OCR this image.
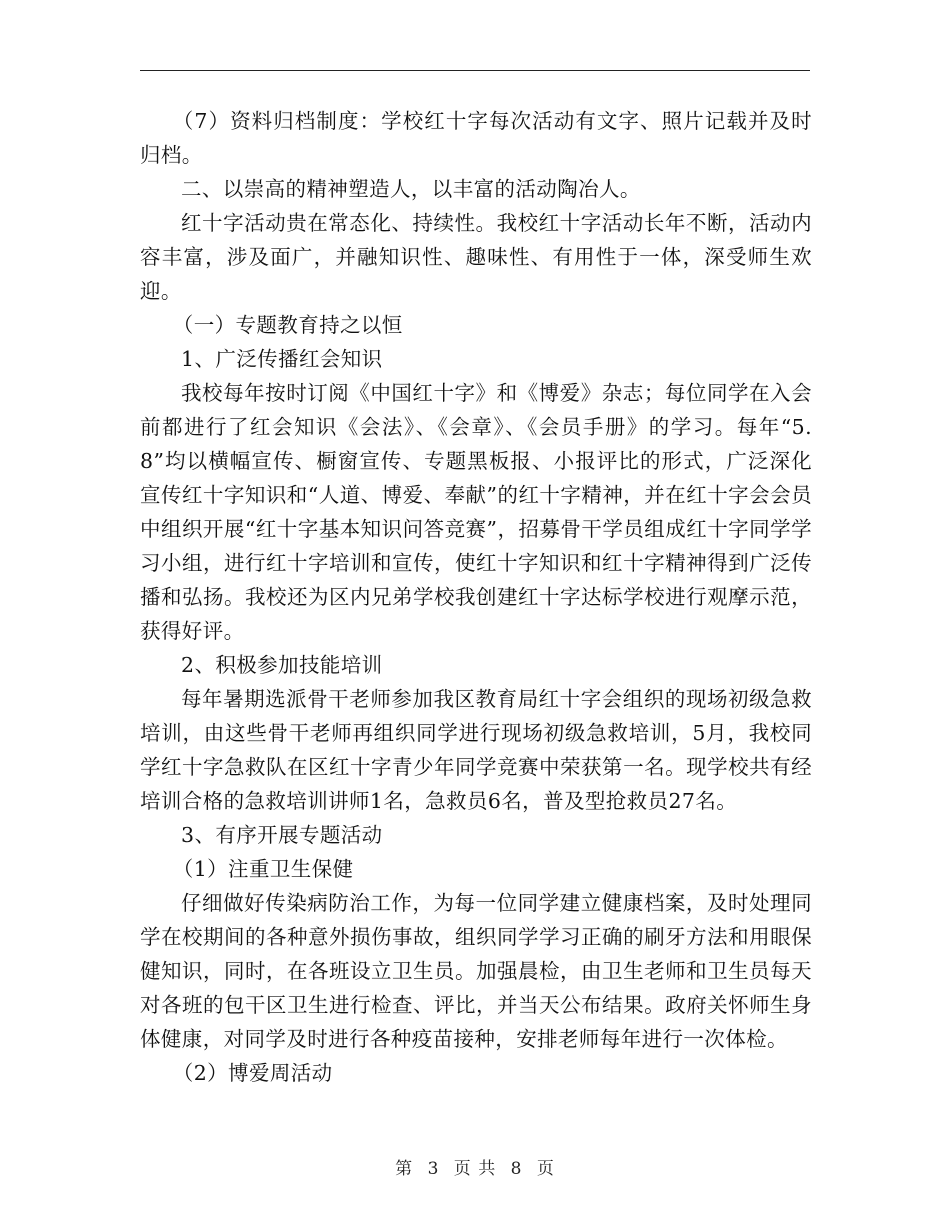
（7）资料归档制度：学校红十字每次活动有文字、照片记载并及时归档。

二、以崇高的精神塑造人，以丰富的活动陶冶人。

红十字活动贵在常态化、持续性。我校红十字活动长年不断，活动内容丰富，涉及面广，并融知识性、趣味性、有用性于一体，深受师生欢迎。

（一）专题教育持之以恒

1、广泛传播红会知识

我校每年按时订阅《中国红十字》和《博爱》杂志；每位同学在入会前都进行了红会知识《会法》、《会章》、《会员手册》的学习。每年“5.8”均以横幅宣传、橱窗宣传、专题黑板报、小报评比的形式，广泛深化宣传红十字知识和“人道、博爱、奉献”的红十字精神，并在红十字会会员中组织开展“红十字基本知识问答竞赛”，招募骨干学员组成红十字同学学习小组，进行红十字培训和宣传，使红十字知识和红十字精神得到广泛传播和弘扬。我校还为区内兄弟学校我创建红十字达标学校进行观摩示范，获得好评。

2、积极参加技能培训

每年暑期选派骨干老师参加我区教育局红十字会组织的现场初级急救培训，由这些骨干老师再组织同学进行现场初级急救培训，5月，我校同学红十字急救队在区红十字青少年同学竞赛中荣获第一名。现学校共有经培训合格的急救培训讲师1名，急救员6名，普及型抢救员27名。

3、有序开展专题活动

（1）注重卫生保健

仔细做好传染病防治工作，为每一位同学建立健康档案，及时处理同学在校期间的各种意外损伤事故，组织同学学习正确的刷牙方法和用眼保健知识，同时，在各班设立卫生员。加强晨检，由卫生老师和卫生员每天对各班的包干区卫生进行检查、评比，并当天公布结果。政府关怀师生身体健康，对同学及时进行各种疫苗接种，安排老师每年进行一次体检。

（2）博爱周活动

第 3 页 共 8 页
